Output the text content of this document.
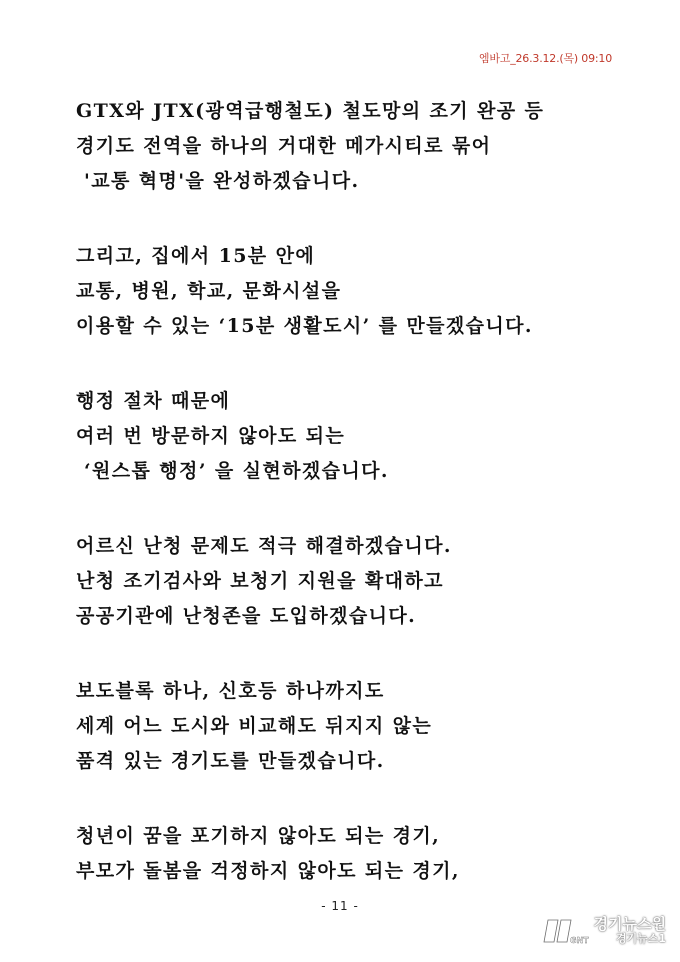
엠바고_26.3.12.(목) 09:10
GTX와 JTX(광역급행철도) 철도망의 조기 완공 등
경기도 전역을 하나의 거대한 메가시티로 묶어
'교통 혁명'을 완성하겠습니다.
그리고, 집에서 15분 안에
교통, 병원, 학교, 문화시설을
이용할 수 있는 ‘15분 생활도시’ 를 만들겠습니다.
행정 절차 때문에
여러 번 방문하지 않아도 되는
‘원스톱 행정’ 을 실현하겠습니다.
어르신 난청 문제도 적극 해결하겠습니다.
난청 조기검사와 보청기 지원을 확대하고
공공기관에 난청존을 도입하겠습니다.
보도블록 하나, 신호등 하나까지도
세계 어느 도시와 비교해도 뒤지지 않는
품격 있는 경기도를 만들겠습니다.
청년이 꿈을 포기하지 않아도 되는 경기,
부모가 돌봄을 걱정하지 않아도 되는 경기,
- 11 -
GNT
경기뉴스원
경기뉴스1
